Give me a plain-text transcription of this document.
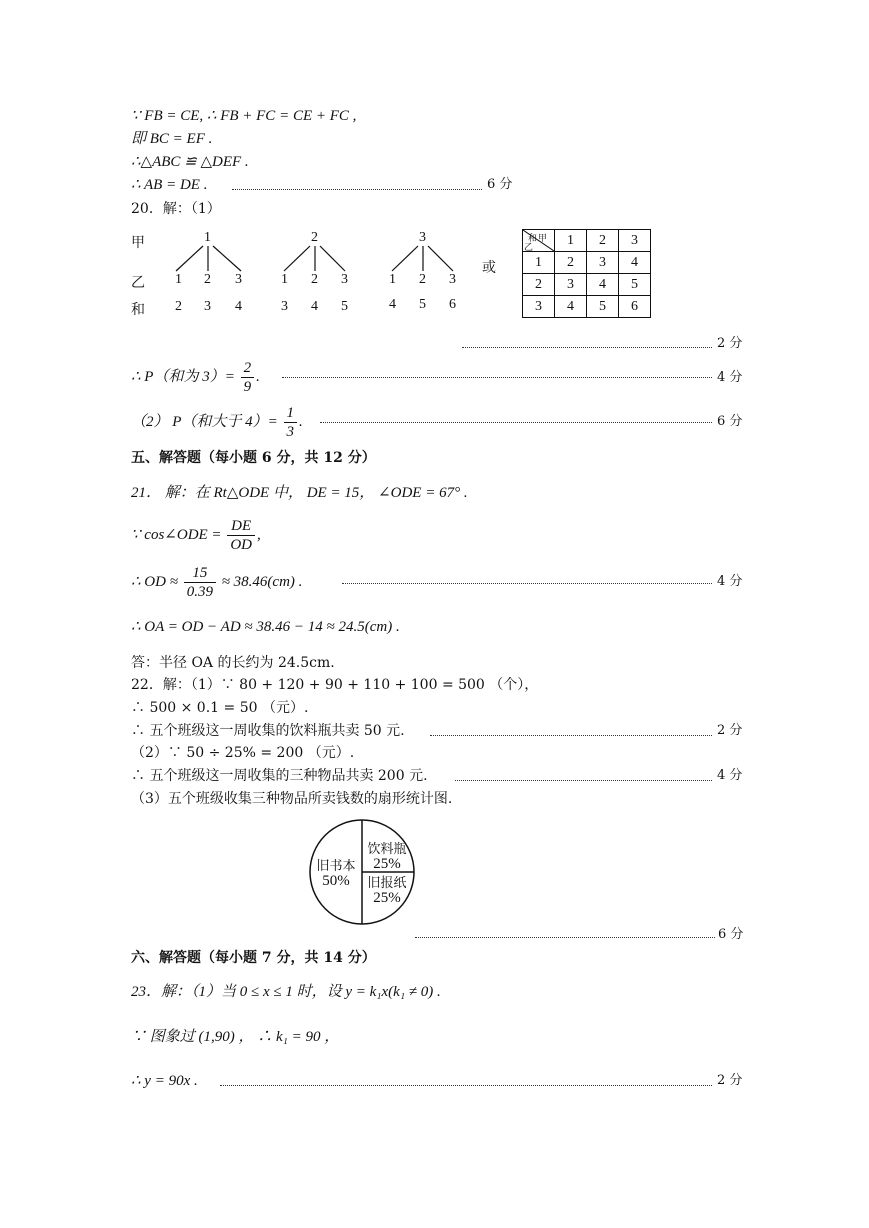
∵ FB = CE, ∴ FB + FC = CE + FC ,
即 BC = EF .
∴△ABC ≌ △DEF .
∴ AB = DE .	6 分
20．解：（1）
甲
乙
和
1
1 2 3
2 3 4
2
1 2 3
3 4 5
3
1 2 3
4 5 6
或
甲
和
乙	1	2	3
1	2	3	4
2	3	4	5
3	4	5	6
2 分
∴ P（和为 $3)= \frac{2}{9}$ .	4 分
（2） P（和大于 $4)= \frac{1}{3}$ .	6 分
五、解答题（每小题 6 分，共 12 分）
21． 解：在 Rt△ODE 中， DE = 15， ∠ODE = 67° .
∵ cos∠ODE = $\frac{DE}{OD}$ ,
∴ OD ≈ $\frac{15}{0.39} \approx 38.46(cm)$ .	4 分
∴ OA = OD − AD ≈ 38.46 − 14 ≈ 24.5(cm) .
答：半径 OA 的长约为 24.5cm.
22．解：（1）∵ 80 + 120 + 90 + 110 + 100 = 500 （个），
∴ 500 × 0.1 = 50 （元）.
∴ 五个班级这一周收集的饮料瓶共卖 50 元.	2 分
（2）∵ 50 ÷ 25% = 200 （元）.
∴ 五个班级这一周收集的三种物品共卖 200 元.	4 分
（3）五个班级收集三种物品所卖钱数的扇形统计图.
旧书本
50%
饮料瓶
25%
旧报纸
25%
6 分
六、解答题（每小题 7 分，共 14 分）
23．解：（1）当 0 ≤ x ≤ 1 时，设 y = k₁x(k₁ ≠ 0) .
∵ 图象过 (1,90) ， ∴ k₁ = 90 ，
∴ y = 90x .	2 分
